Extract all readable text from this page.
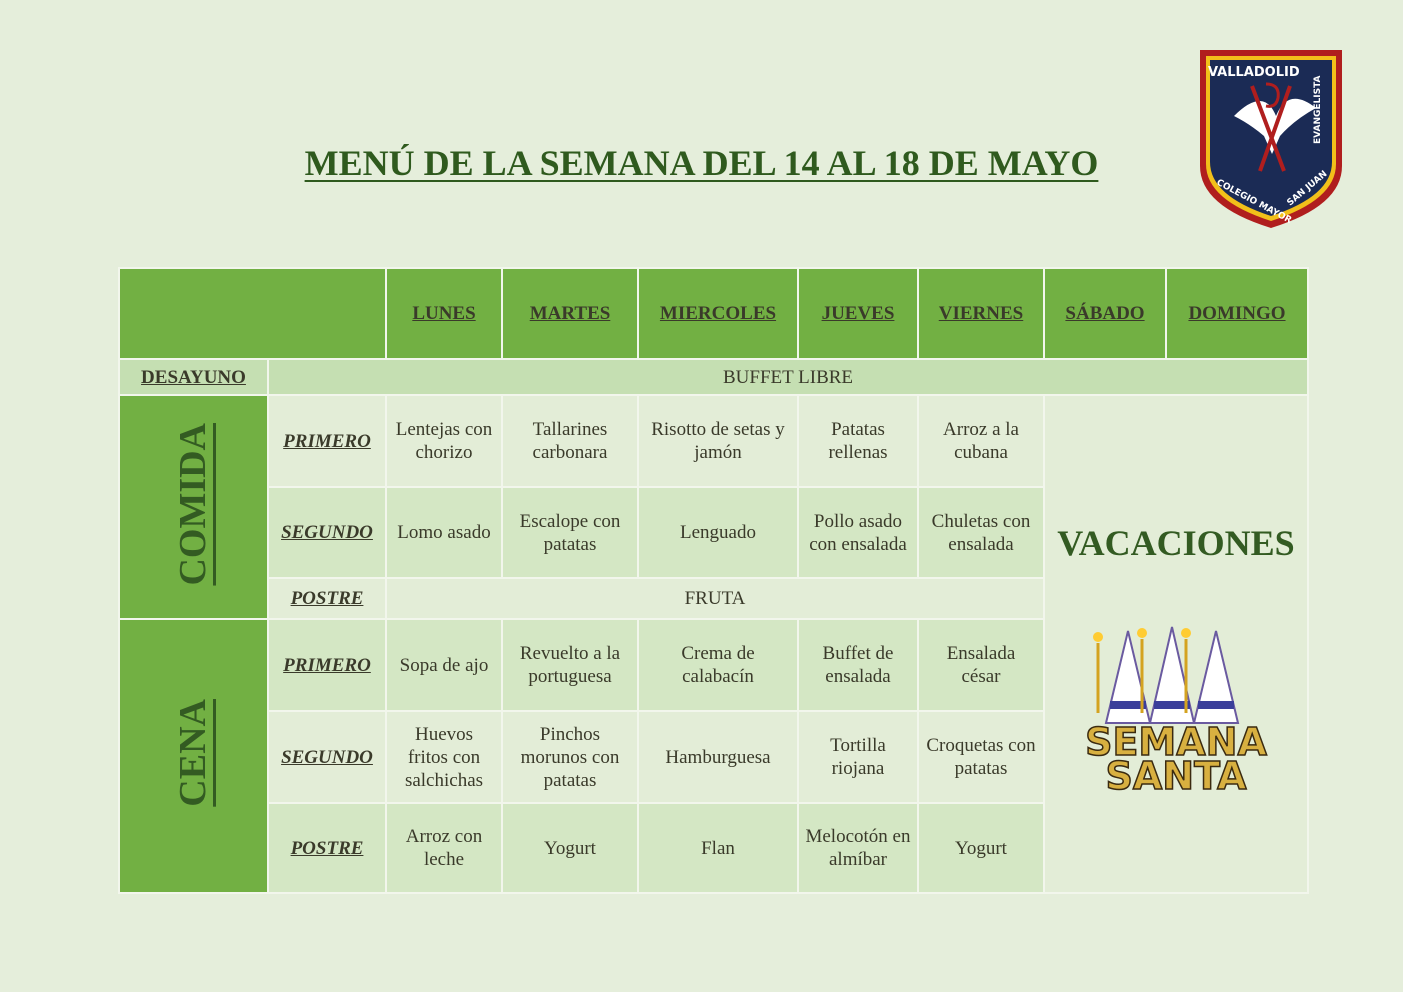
MENÚ DE LA SEMANA DEL 14 AL 18 DE MAYO
VALLADOLID
COLEGIO MAYOR
SAN JUAN
EVANGELISTA
		LUNES	MARTES	MIERCOLES	JUEVES	VIERNES	SÁBADO	DOMINGO
DESAYUNO	BUFFET LIBRE							
COMIDA	PRIMERO	Lentejas con chorizo	Tallarines carbonara	Risotto de setas y jamón	Patatas rellenas	Arroz a la cubana	VACACIONES
SEMANA
SANTA	

	SEGUNDO	Lomo asado	Escalope con patatas	Lenguado	Pollo asado con ensalada	Chuletas con ensalada		
	POSTRE	FRUTA						
CENA	PRIMERO	Sopa de ajo	Revuelto a la portuguesa	Crema de calabacín	Buffet de ensalada	Ensalada césar		
	SEGUNDO	Huevos fritos con salchichas	Pinchos morunos con patatas	Hamburguesa	Tortilla riojana	Croquetas con patatas		
	POSTRE	Arroz con leche	Yogurt	Flan	Melocotón en almíbar	Yogurt		
